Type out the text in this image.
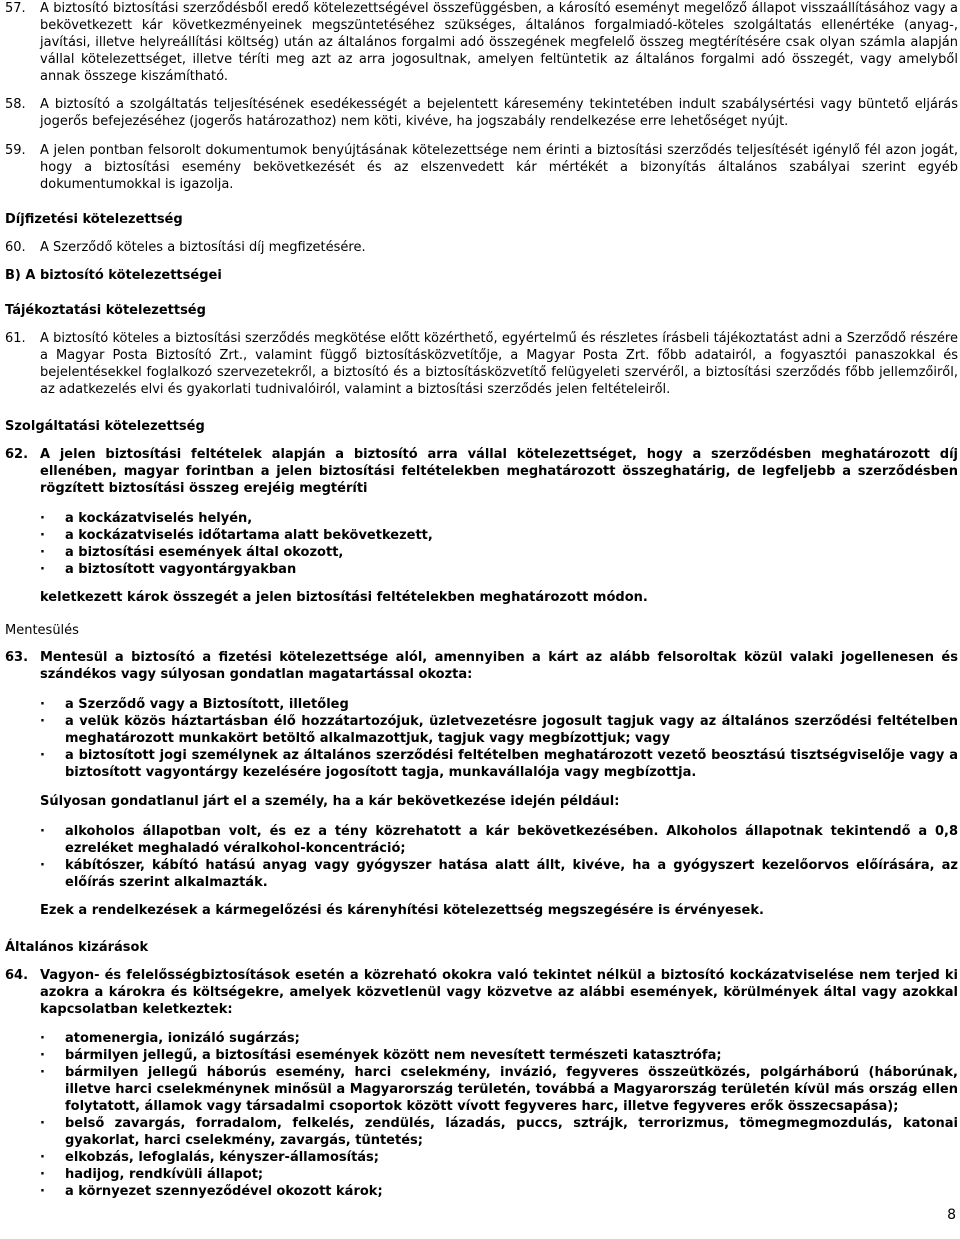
57. A biztosító biztosítási szerződésből eredő kötelezettségével összefüggésben, a károsító eseményt megelőző állapot visszaállításához vagy a bekövetkezett kár következményeinek megszüntetéséhez szükséges, általános forgalmiadó-köteles szolgáltatás ellenértéke (anyag-, javítási, illetve helyreállítási költség) után az általános forgalmi adó összegének megfelelő összeg megtérítésére csak olyan számla alapján vállal kötelezettséget, illetve téríti meg azt az arra jogosultnak, amelyen feltüntetik az általános forgalmi adó összegét, vagy amelyből annak összege kiszámítható.
58. A biztosító a szolgáltatás teljesítésének esedékességét a bejelentett káresemény tekintetében indult szabálysértési vagy büntető eljárás jogerős befejezéséhez (jogerős határozathoz) nem köti, kivéve, ha jogszabály rendelkezése erre lehetőséget nyújt.
59. A jelen pontban felsorolt dokumentumok benyújtásának kötelezettsége nem érinti a biztosítási szerződés teljesítését igénylő fél azon jogát, hogy a biztosítási esemény bekövetkezését és az elszenvedett kár mértékét a bizonyítás általános szabályai szerint egyéb dokumentumokkal is igazolja.

Díjfizetési kötelezettség

60. A Szerződő köteles a biztosítási díj megfizetésére.

B) A biztosító kötelezettségei

Tájékoztatási kötelezettség

61. A biztosító köteles a biztosítási szerződés megkötése előtt közérthető, egyértelmű és részletes írásbeli tájékoztatást adni a Szerződő részére a Magyar Posta Biztosító Zrt., valamint függő biztosításközvetítője, a Magyar Posta Zrt. főbb adatairól, a fogyasztói panaszokkal és bejelentésekkel foglalkozó szervezetekről, a biztosító és a biztosításközvetítő felügyeleti szervéről, a biztosítási szerződés főbb jellemzőiről, az adatkezelés elvi és gyakorlati tudnivalóiról, valamint a biztosítási szerződés jelen feltételeiről.

Szolgáltatási kötelezettség

62. A jelen biztosítási feltételek alapján a biztosító arra vállal kötelezettséget, hogy a szerződésben meghatározott díj ellenében, magyar forintban a jelen biztosítási feltételekben meghatározott összeghatárig, de legfeljebb a szerződésben rögzített biztosítási összeg erejéig megtéríti
· a kockázatviselés helyén,
· a kockázatviselés időtartama alatt bekövetkezett,
· a biztosítási események által okozott,
· a biztosított vagyontárgyakban

keletkezett károk összegét a jelen biztosítási feltételekben meghatározott módon.

Mentesülés

63. Mentesül a biztosító a fizetési kötelezettsége alól, amennyiben a kárt az alább felsoroltak közül valaki jogellenesen és szándékos vagy súlyosan gondatlan magatartással okozta:
· a Szerződő vagy a Biztosított, illetőleg
· a velük közös háztartásban élő hozzátartozójuk, üzletvezetésre jogosult tagjuk vagy az általános szerződési feltételben meghatározott munkakört betöltő alkalmazottjuk, tagjuk vagy megbízottjuk; vagy
· a biztosított jogi személynek az általános szerződési feltételben meghatározott vezető beosztású tisztségviselője vagy a biztosított vagyontárgy kezelésére jogosított tagja, munkavállalója vagy megbízottja.

Súlyosan gondatlanul járt el a személy, ha a kár bekövetkezése idején például:

· alkoholos állapotban volt, és ez a tény közrehatott a kár bekövetkezésében. Alkoholos állapotnak tekintendő a 0,8 ezreléket meghaladó véralkohol-koncentráció;
· kábítószer, kábító hatású anyag vagy gyógyszer hatása alatt állt, kivéve, ha a gyógyszert kezelőorvos előírására, az előírás szerint alkalmazták.

Ezek a rendelkezések a kármegelőzési és kárenyhítési kötelezettség megszegésére is érvényesek.

Általános kizárások

64. Vagyon- és felelősségbiztosítások esetén a közreható okokra való tekintet nélkül a biztosító kockázatviselése nem terjed ki azokra a károkra és költségekre, amelyek közvetlenül vagy közvetve az alábbi események, körülmények által vagy azokkal kapcsolatban keletkeztek:
· atomenergia, ionizáló sugárzás;
· bármilyen jellegű, a biztosítási események között nem nevesített természeti katasztrófa;
· bármilyen jellegű háborús esemény, harci cselekmény, invázió, fegyveres összeütközés, polgárháború (háborúnak, illetve harci cselekménynek minősül a Magyarország területén, továbbá a Magyarország területén kívül más ország ellen folytatott, államok vagy társadalmi csoportok között vívott fegyveres harc, illetve fegyveres erők összecsapása);
· belső zavargás, forradalom, felkelés, zendülés, lázadás, puccs, sztrájk, terrorizmus, tömegmegmozdulás, katonai gyakorlat, harci cselekmény, zavargás, tüntetés;
· elkobzás, lefoglalás, kényszer-államosítás;
· hadijog, rendkívüli állapot;
· a környezet szennyeződével okozott károk;
8
